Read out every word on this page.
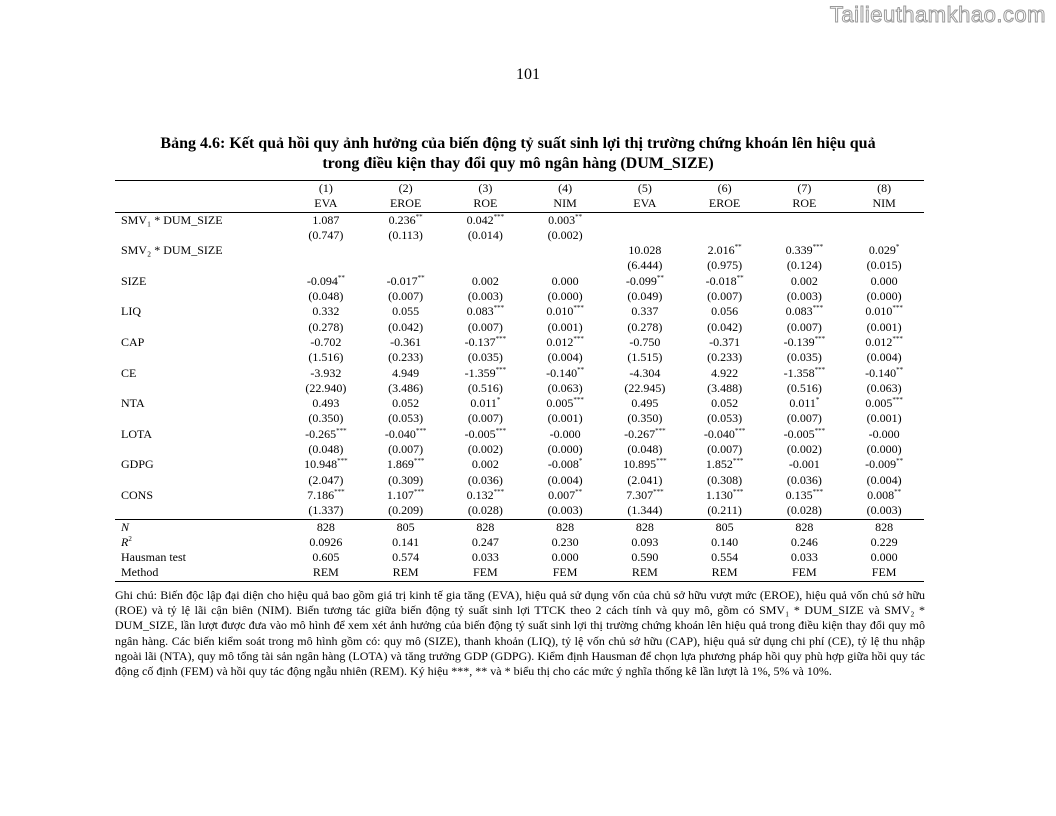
Tailieuthamkhao.com
101
Bảng 4.6: Kết quả hồi quy ảnh hưởng của biến động tỷ suất sinh lợi thị trường chứng khoán lên hiệu quả
trong điều kiện thay đổi quy mô ngân hàng (DUM_SIZE)
	(1)	(2)	(3)	(4)	(5)	(6)	(7)	(8)
	EVA	EROE	ROE	NIM	EVA	EROE	ROE	NIM
SMV₁ * DUM_SIZE	1.087	0.236**	0.042***	0.003**				
	(0.747)	(0.113)	(0.014)	(0.002)				
SMV₂ * DUM_SIZE					10.028	2.016**	0.339***	0.029*
					(6.444)	(0.975)	(0.124)	(0.015)
SIZE	-0.094**	-0.017**	0.002	0.000	-0.099**	-0.018**	0.002	0.000
	(0.048)	(0.007)	(0.003)	(0.000)	(0.049)	(0.007)	(0.003)	(0.000)
LIQ	0.332	0.055	0.083***	0.010***	0.337	0.056	0.083***	0.010***
	(0.278)	(0.042)	(0.007)	(0.001)	(0.278)	(0.042)	(0.007)	(0.001)
CAP	-0.702	-0.361	-0.137***	0.012***	-0.750	-0.371	-0.139***	0.012***
	(1.516)	(0.233)	(0.035)	(0.004)	(1.515)	(0.233)	(0.035)	(0.004)
CE	-3.932	4.949	-1.359***	-0.140**	-4.304	4.922	-1.358***	-0.140**
	(22.940)	(3.486)	(0.516)	(0.063)	(22.945)	(3.488)	(0.516)	(0.063)
NTA	0.493	0.052	0.011*	0.005***	0.495	0.052	0.011*	0.005***
	(0.350)	(0.053)	(0.007)	(0.001)	(0.350)	(0.053)	(0.007)	(0.001)
LOTA	-0.265***	-0.040***	-0.005***	-0.000	-0.267***	-0.040***	-0.005***	-0.000
	(0.048)	(0.007)	(0.002)	(0.000)	(0.048)	(0.007)	(0.002)	(0.000)
GDPG	10.948***	1.869***	0.002	-0.008*	10.895***	1.852***	-0.001	-0.009**
	(2.047)	(0.309)	(0.036)	(0.004)	(2.041)	(0.308)	(0.036)	(0.004)
CONS	7.186***	1.107***	0.132***	0.007**	7.307***	1.130***	0.135***	0.008**
	(1.337)	(0.209)	(0.028)	(0.003)	(1.344)	(0.211)	(0.028)	(0.003)
N	828	805	828	828	828	805	828	828
$R^2$	0.0926	0.141	0.247	0.230	0.093	0.140	0.246	0.229
Hausman test	0.605	0.574	0.033	0.000	0.590	0.554	0.033	0.000
Method	REM	REM	FEM	FEM	REM	REM	FEM	FEM
Ghi chú: Biến độc lập đại diện cho hiệu quả bao gồm giá trị kinh tế gia tăng (EVA), hiệu quả sử dụng vốn của chủ sở hữu vượt mức (EROE), hiệu quả vốn chủ sở hữu (ROE) và tỷ lệ lãi cận biên (NIM). Biến tương tác giữa biến động tỷ suất sinh lợi TTCK theo 2 cách tính và quy mô, gồm có SMV₁ * DUM_SIZE và SMV₂ * DUM_SIZE, lần lượt được đưa vào mô hình để xem xét ảnh hưởng của biến động tỷ suất sinh lợi thị trường chứng khoán lên hiệu quả trong điều kiện thay đổi quy mô ngân hàng. Các biến kiểm soát trong mô hình gồm có: quy mô (SIZE), thanh khoản (LIQ), tỷ lệ vốn chủ sở hữu (CAP), hiệu quả sử dụng chi phí (CE), tỷ lệ thu nhập ngoài lãi (NTA), quy mô tổng tài sản ngân hàng (LOTA) và tăng trưởng GDP (GDPG). Kiểm định Hausman để chọn lựa phương pháp hồi quy phù hợp giữa hồi quy tác động cố định (FEM) và hồi quy tác động ngẫu nhiên (REM). Ký hiệu ***, ** và * biểu thị cho các mức ý nghĩa thống kê lần lượt là 1%, 5% và 10%.
